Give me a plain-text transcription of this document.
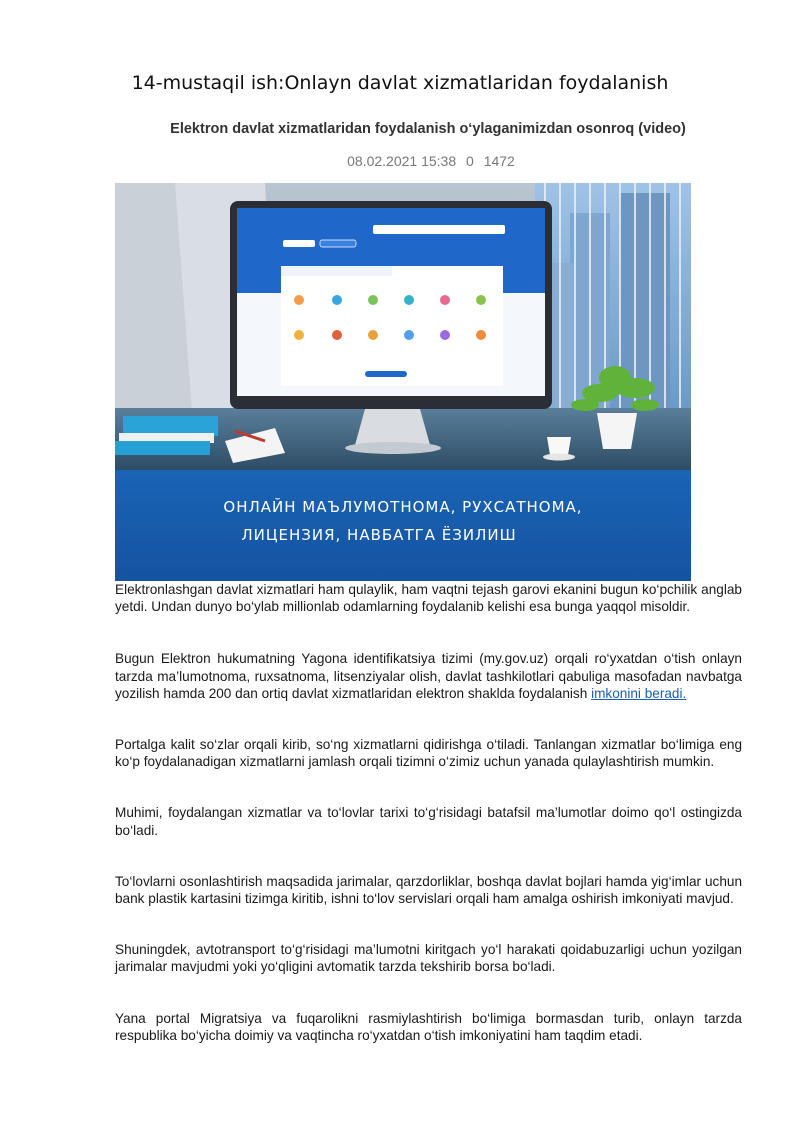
14-mustaqil ish:Onlayn davlat xizmatlaridan foydalanish
Elektron davlat xizmatlaridan foydalanish o‘ylaganimizdan osonroq (video)
08.02.2021 15:38 0 1472
ОНЛАЙН МАЪЛУМОТНОМА, РУХСАТНОМА,
ЛИЦЕНЗИЯ, НАВБАТГА ЁЗИЛИШ

Elektronlashgan davlat xizmatlari ham qulaylik, ham vaqtni tejash garovi ekanini bugun ko‘pchilik anglab yetdi. Undan dunyo bo‘ylab millionlab odamlarning foydalanib kelishi esa bunga yaqqol misoldir.

Bugun Elektron hukumatning Yagona identifikatsiya tizimi (my.gov.uz) orqali ro‘yxatdan o‘tish onlayn tarzda ma’lumotnoma, ruxsatnoma, litsenziyalar olish, davlat tashkilotlari qabuliga masofadan navbatga yozilish hamda 200 dan ortiq davlat xizmatlaridan elektron shaklda foydalanish imkonini beradi.

Portalga kalit so‘zlar orqali kirib, so‘ng xizmatlarni qidirishga o‘tiladi. Tanlangan xizmatlar bo‘limiga eng ko‘p foydalanadigan xizmatlarni jamlash orqali tizimni o‘zimiz uchun yanada qulaylashtirish mumkin.

Muhimi, foydalangan xizmatlar va to‘lovlar tarixi to‘g‘risidagi batafsil ma’lumotlar doimo qo‘l ostingizda bo‘ladi.

To‘lovlarni osonlashtirish maqsadida jarimalar, qarzdorliklar, boshqa davlat bojlari hamda yig‘imlar uchun bank plastik kartasini tizimga kiritib, ishni to‘lov servislari orqali ham amalga oshirish imkoniyati mavjud.

Shuningdek, avtotransport to‘g‘risidagi ma’lumotni kiritgach yo‘l harakati qoidabuzarligi uchun yozilgan jarimalar mavjudmi yoki yo‘qligini avtomatik tarzda tekshirib borsa bo‘ladi.

Yana portal Migratsiya va fuqarolikni rasmiylashtirish bo‘limiga bormasdan turib, onlayn tarzda respublika bo‘yicha doimiy va vaqtincha ro‘yxatdan o‘tish imkoniyatini ham taqdim etadi.
